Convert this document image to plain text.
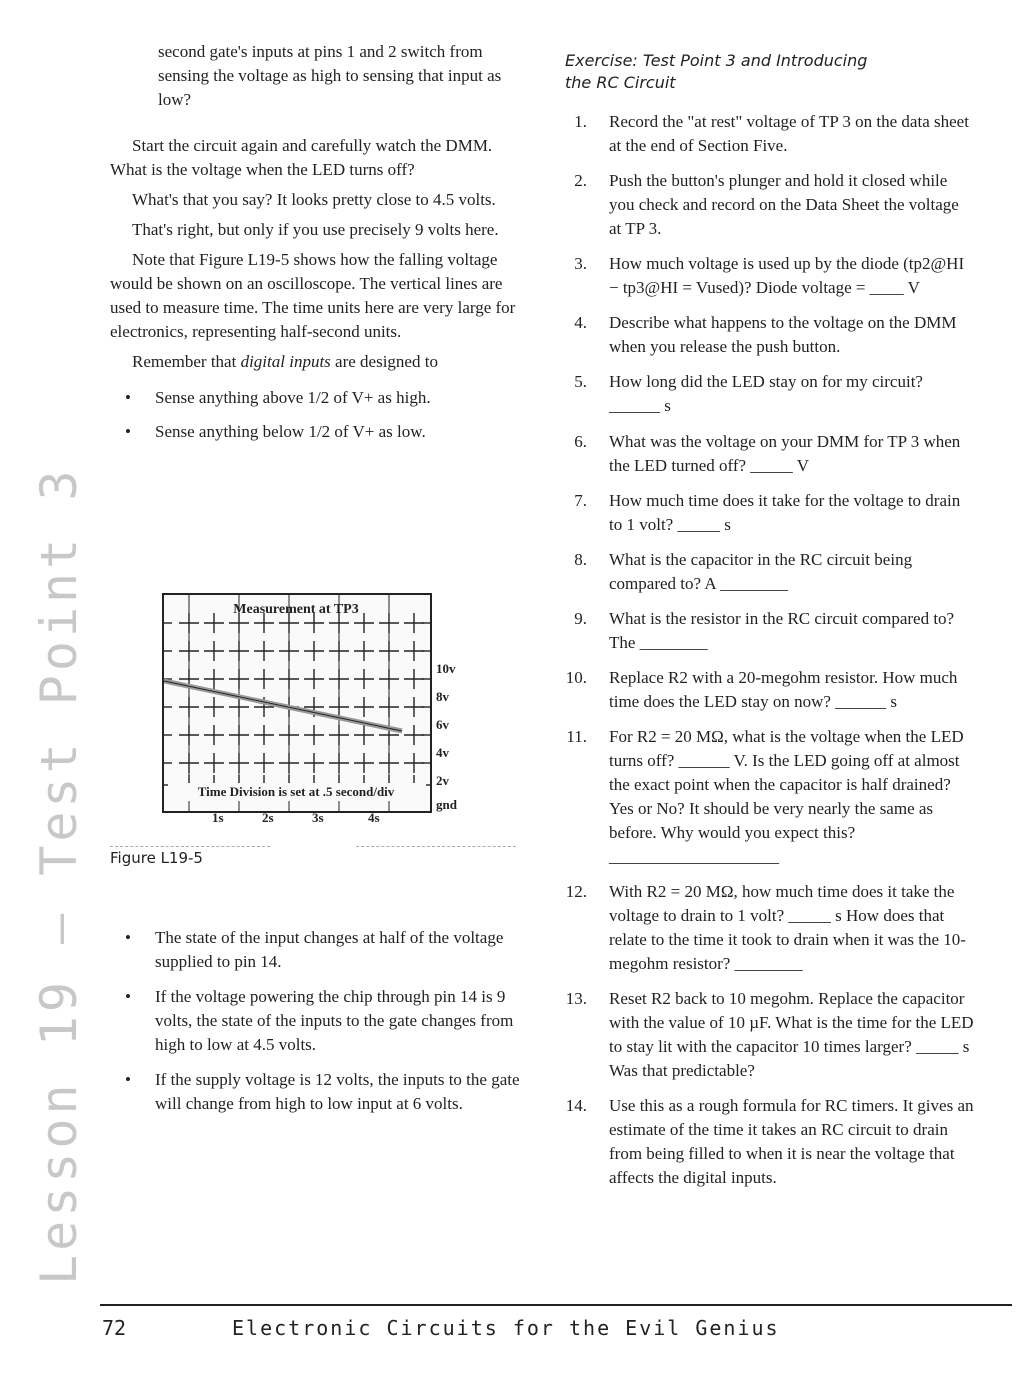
Lesson 19 — Test Point 3

second gate's inputs at pins 1 and 2 switch from sensing the voltage as high to sensing that input as low?

Start the circuit again and carefully watch the DMM. What is the voltage when the LED turns off?

What's that you say? It looks pretty close to 4.5 volts.

That's right, but only if you use precisely 9 volts here.

Note that Figure L19-5 shows how the falling voltage would be shown on an oscilloscope. The vertical lines are used to measure time. The time units here are very large for electronics, representing half-second units.

Remember that digital inputs are designed to

• Sense anything above 1/2 of V+ as high.
• Sense anything below 1/2 of V+ as low.
Measurement at TP3
Time Division is set at .5 second/div
10v
8v
6v
4v
2v
gnd
1s	2s	3s	4s
Figure L19-5
• The state of the input changes at half of the voltage supplied to pin 14.
• If the voltage powering the chip through pin 14 is 9 volts, the state of the inputs to the gate changes from high to low at 4.5 volts.
• If the supply voltage is 12 volts, the inputs to the gate will change from high to low input at 6 volts.
Exercise: Test Point 3 and Introducing the RC Circuit
1. Record the "at rest" voltage of TP 3 on the data sheet at the end of Section Five.
2. Push the button's plunger and hold it closed while you check and record on the Data Sheet the voltage at TP 3.
3. How much voltage is used up by the diode (tp2@HI − tp3@HI = Vused)? Diode voltage = ____ V
4. Describe what happens to the voltage on the DMM when you release the push button.
5. How long did the LED stay on for my circuit? ______ s
6. What was the voltage on your DMM for TP 3 when the LED turned off? _____ V
7. How much time does it take for the voltage to drain to 1 volt? _____ s
8. What is the capacitor in the RC circuit being compared to? A ________
9. What is the resistor in the RC circuit compared to? The ________
10. Replace R2 with a 20-megohm resistor. How much time does the LED stay on now? ______ s
11. For R2 = 20 MΩ, what is the voltage when the LED turns off? ______ V. Is the LED going off at almost the exact point when the capacitor is half drained? Yes or No? It should be very nearly the same as before. Why would you expect this? ____________________
12. With R2 = 20 MΩ, how much time does it take the voltage to drain to 1 volt? _____ s How does that relate to the time it took to drain when it was the 10-megohm resistor? ________
13. Reset R2 back to 10 megohm. Replace the capacitor with the value of 10 µF. What is the time for the LED to stay lit with the capacitor 10 times larger? _____ s Was that predictable?
14. Use this as a rough formula for RC timers. It gives an estimate of the time it takes an RC circuit to drain from being filled to when it is near the voltage that affects the digital inputs.
72	Electronic Circuits for the Evil Genius
